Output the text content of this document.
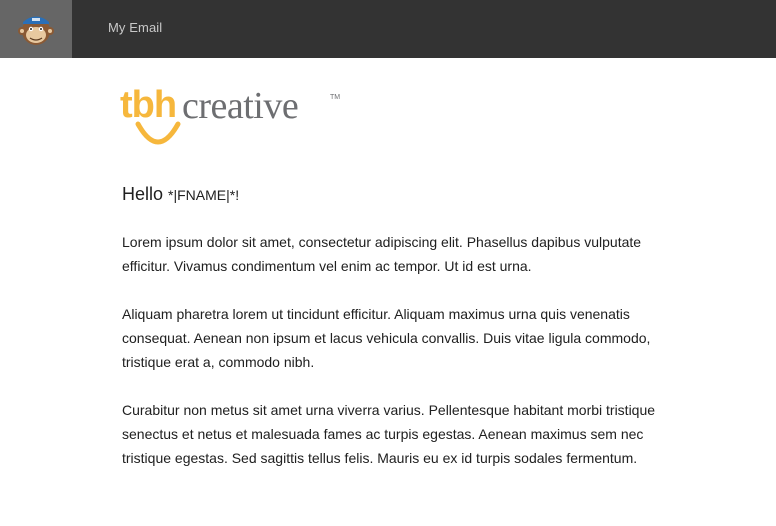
My Email
tbh creative	TM
Hello *|FNAME|*!

Lorem ipsum dolor sit amet, consectetur adipiscing elit. Phasellus dapibus vulputate efficitur. Vivamus condimentum vel enim ac tempor. Ut id est urna.

Aliquam pharetra lorem ut tincidunt efficitur. Aliquam maximus urna quis venenatis consequat. Aenean non ipsum et lacus vehicula convallis. Duis vitae ligula commodo, tristique erat a, commodo nibh.

Curabitur non metus sit amet urna viverra varius. Pellentesque habitant morbi tristique senectus et netus et malesuada fames ac turpis egestas. Aenean maximus sem nec tristique egestas. Sed sagittis tellus felis. Mauris eu ex id turpis sodales fermentum.
